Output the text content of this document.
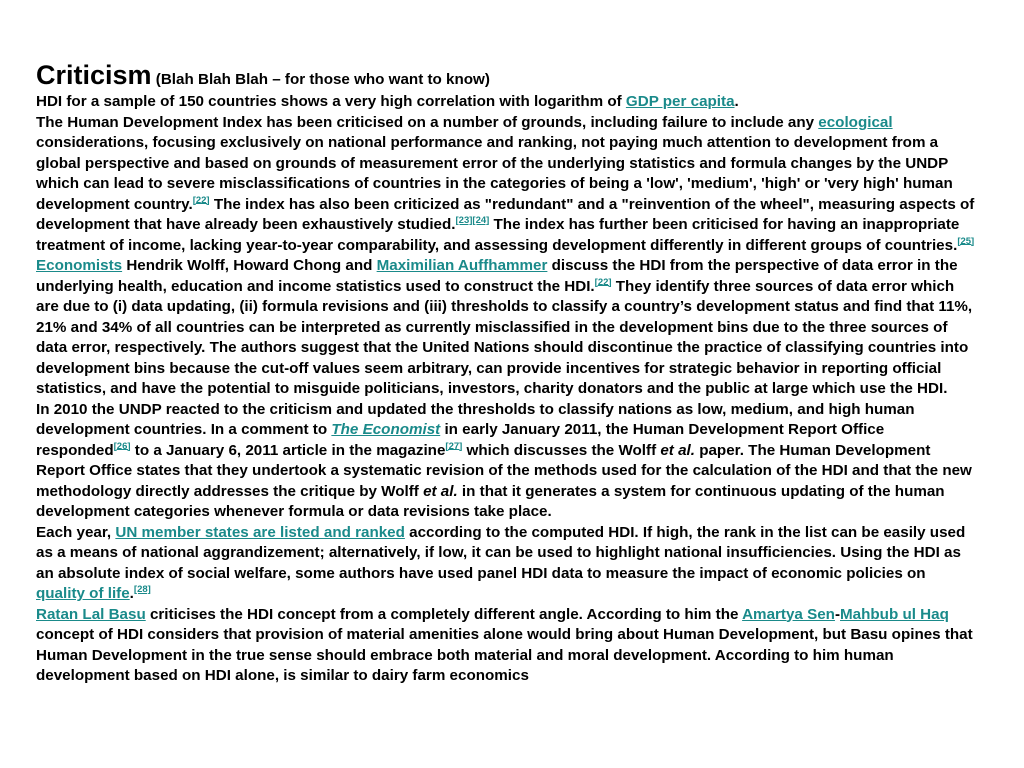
Criticism (Blah Blah Blah – for those who want to know)

HDI for a sample of 150 countries shows a very high correlation with logarithm of GDP per capita.

The Human Development Index has been criticised on a number of grounds, including failure to include any ecological considerations, focusing exclusively on national performance and ranking, not paying much attention to development from a global perspective and based on grounds of measurement error of the underlying statistics and formula changes by the UNDP which can lead to severe misclassifications of countries in the categories of being a 'low', 'medium', 'high' or 'very high' human development country.[22] The index has also been criticized as "redundant" and a "reinvention of the wheel", measuring aspects of development that have already been exhaustively studied.[23][24] The index has further been criticised for having an inappropriate treatment of income, lacking year-to-year comparability, and assessing development differently in different groups of countries.[25]

Economists Hendrik Wolff, Howard Chong and Maximilian Auffhammer discuss the HDI from the perspective of data error in the underlying health, education and income statistics used to construct the HDI.[22] They identify three sources of data error which are due to (i) data updating, (ii) formula revisions and (iii) thresholds to classify a country’s development status and find that 11%, 21% and 34% of all countries can be interpreted as currently misclassified in the development bins due to the three sources of data error, respectively. The authors suggest that the United Nations should discontinue the practice of classifying countries into development bins because the cut-off values seem arbitrary, can provide incentives for strategic behavior in reporting official statistics, and have the potential to misguide politicians, investors, charity donators and the public at large which use the HDI.

In 2010 the UNDP reacted to the criticism and updated the thresholds to classify nations as low, medium, and high human development countries. In a comment to The Economist in early January 2011, the Human Development Report Office responded[26] to a January 6, 2011 article in the magazine[27] which discusses the Wolff et al. paper. The Human Development Report Office states that they undertook a systematic revision of the methods used for the calculation of the HDI and that the new methodology directly addresses the critique by Wolff et al. in that it generates a system for continuous updating of the human development categories whenever formula or data revisions take place.

Each year, UN member states are listed and ranked according to the computed HDI. If high, the rank in the list can be easily used as a means of national aggrandizement; alternatively, if low, it can be used to highlight national insufficiencies. Using the HDI as an absolute index of social welfare, some authors have used panel HDI data to measure the impact of economic policies on quality of life.[28]

Ratan Lal Basu criticises the HDI concept from a completely different angle. According to him the Amartya Sen-Mahbub ul Haq concept of HDI considers that provision of material amenities alone would bring about Human Development, but Basu opines that Human Development in the true sense should embrace both material and moral development. According to him human development based on HDI alone, is similar to dairy farm economics
